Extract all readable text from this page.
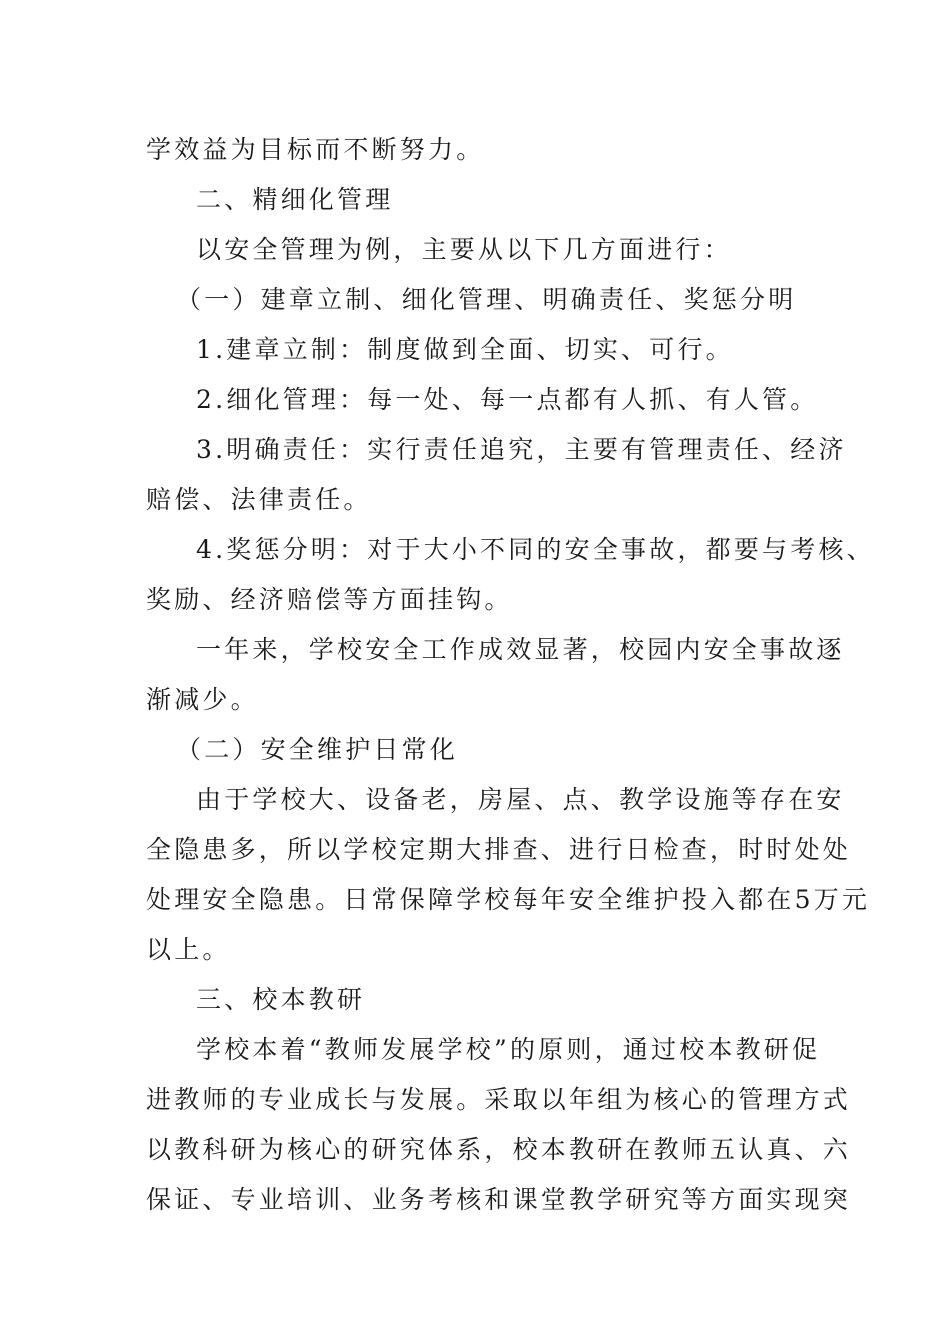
学效益为目标而不断努力。
二、精细化管理
以安全管理为例，主要从以下几方面进行：
（一）建章立制、细化管理、明确责任、奖惩分明
1.建章立制：制度做到全面、切实、可行。
2.细化管理：每一处、每一点都有人抓、有人管。
3.明确责任：实行责任追究，主要有管理责任、经济
赔偿、法律责任。
4.奖惩分明：对于大小不同的安全事故，都要与考核、
奖励、经济赔偿等方面挂钩。
一年来，学校安全工作成效显著，校园内安全事故逐
渐减少。
（二）安全维护日常化
由于学校大、设备老，房屋、点、教学设施等存在安
全隐患多，所以学校定期大排查、进行日检查，时时处处
处理安全隐患。日常保障学校每年安全维护投入都在5万元
以上。
三、校本教研
学校本着“教师发展学校”的原则，通过校本教研促
进教师的专业成长与发展。采取以年组为核心的管理方式
以教科研为核心的研究体系，校本教研在教师五认真、六
保证、专业培训、业务考核和课堂教学研究等方面实现突
